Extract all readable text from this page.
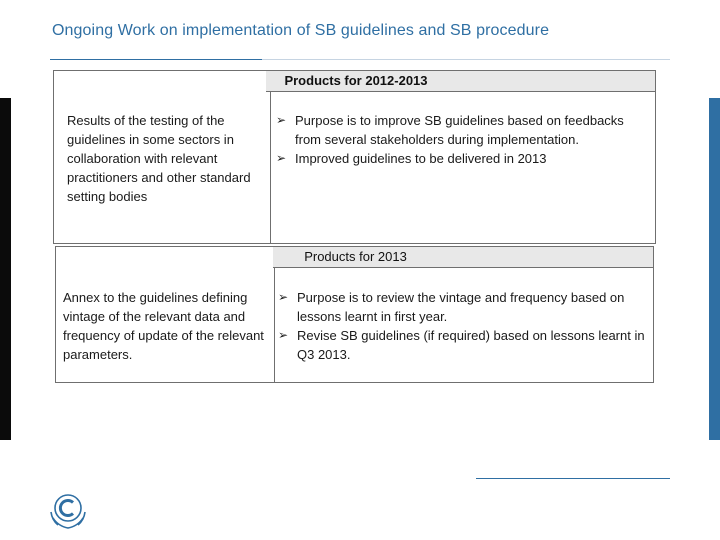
Ongoing Work on implementation of SB guidelines and SB procedure
Products for 2012-2013
Results of the testing of the guidelines in some sectors in collaboration with relevant practitioners and other standard setting bodies
➢ Purpose is to improve SB guidelines based on feedbacks from several stakeholders during implementation.
➢ Improved guidelines to be delivered in 2013
Products for 2013
Annex to the guidelines defining vintage of the relevant data and frequency of update of the relevant parameters.
➢ Purpose is to review the vintage and frequency based on lessons learnt in first year.
➢ Revise SB guidelines (if required) based on lessons learnt in Q3 2013.
